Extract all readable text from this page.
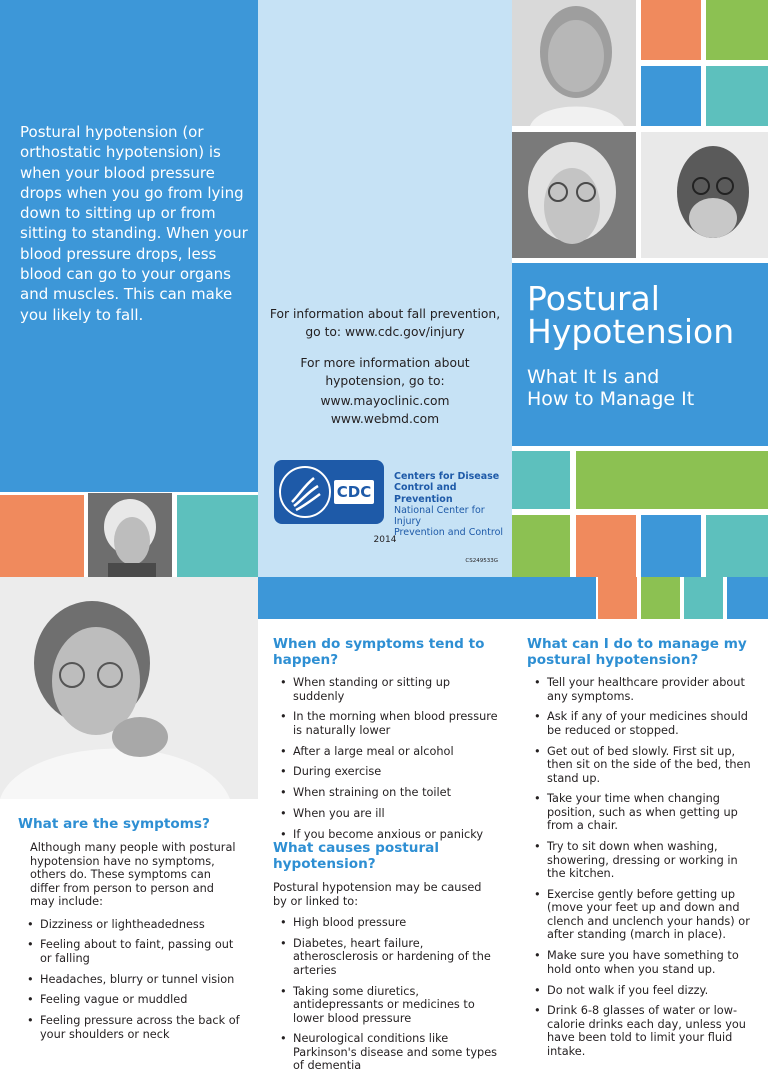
Postural hypotension (or orthostatic hypotension) is when your blood pressure drops when you go from lying down to sitting up or from sitting to standing. When your blood pressure drops, less blood can go to your organs and muscles. This can make you likely to fall.	For information about fall prevention,

go to: www.cdc.gov/injury

For more information about

hypotension, go to:

www.mayoclinic.com

www.webmd.com

CDC
Centers for Disease
Control and Prevention
National Center for Injury
Prevention and Control
2014
CS249533G
Postural
Hypotension
What It Is and
How to Manage It
What are the symptoms?
Although many people with postural hypotension have no symptoms, others do. These symptoms can differ from person to person and may include:
• Dizziness or lightheadedness
• Feeling about to faint, passing out or falling
• Headaches, blurry or tunnel vision
• Feeling vague or muddled
• Feeling pressure across the back of your shoulders or neck
When do symptoms tend to happen?
• When standing or sitting up suddenly
• In the morning when blood pressure is naturally lower
• After a large meal or alcohol
• During exercise
• When straining on the toilet
• When you are ill
• If you become anxious or panicky
What causes postural hypotension?
Postural hypotension may be caused by or linked to:
• High blood pressure
• Diabetes, heart failure, atherosclerosis or hardening of the arteries
• Taking some diuretics, antidepressants or medicines to lower blood pressure
• Neurological conditions like Parkinson's disease and some types of dementia
What can I do to manage my postural hypotension?
• Tell your healthcare provider about any symptoms.
• Ask if any of your medicines should be reduced or stopped.
• Get out of bed slowly. First sit up, then sit on the side of the bed, then stand up.
• Take your time when changing position, such as when getting up from a chair.
• Try to sit down when washing, showering, dressing or working in the kitchen.
• Exercise gently before getting up (move your feet up and down and clench and unclench your hands) or after standing (march in place).
• Make sure you have something to hold onto when you stand up.
• Do not walk if you feel dizzy.
• Drink 6-8 glasses of water or low-calorie drinks each day, unless you have been told to limit your fluid intake.
